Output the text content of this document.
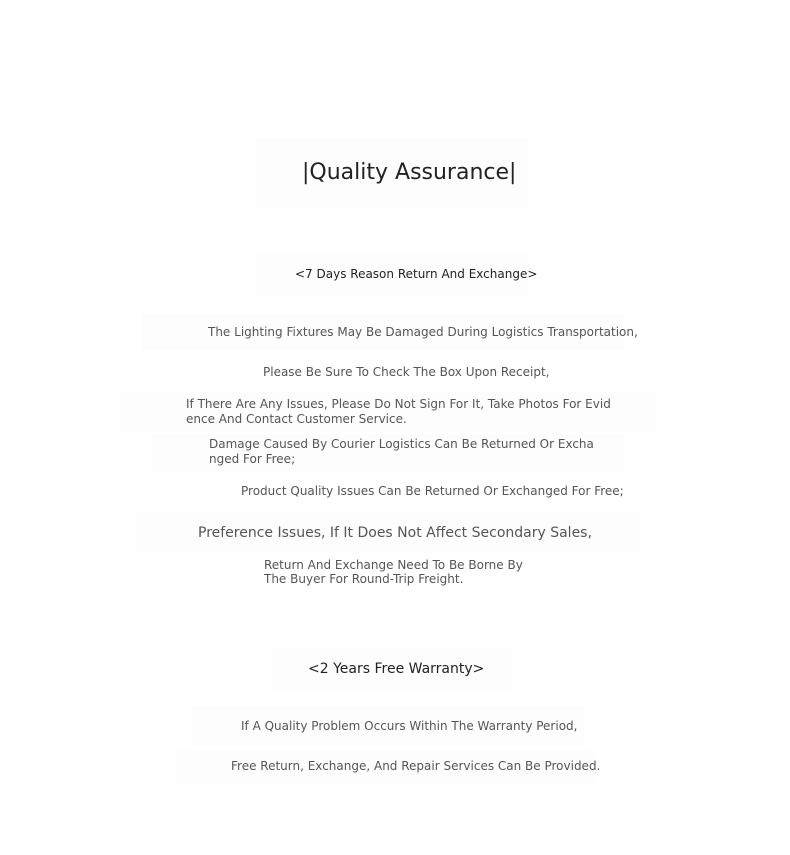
|Quality Assurance|
<7 Days Reason Return And Exchange>
The Lighting Fixtures May Be Damaged During Logistics Transportation,
Please Be Sure To Check The Box Upon Receipt,
If There Are Any Issues, Please Do Not Sign For It, Take Photos For Evid
ence And Contact Customer Service.
Damage Caused By Courier Logistics Can Be Returned Or Excha
nged For Free;
Product Quality Issues Can Be Returned Or Exchanged For Free;
Preference Issues, If It Does Not Affect Secondary Sales,
Return And Exchange Need To Be Borne By
The Buyer For Round-Trip Freight.
<2 Years Free Warranty>
If A Quality Problem Occurs Within The Warranty Period,
Free Return, Exchange, And Repair Services Can Be Provided.
